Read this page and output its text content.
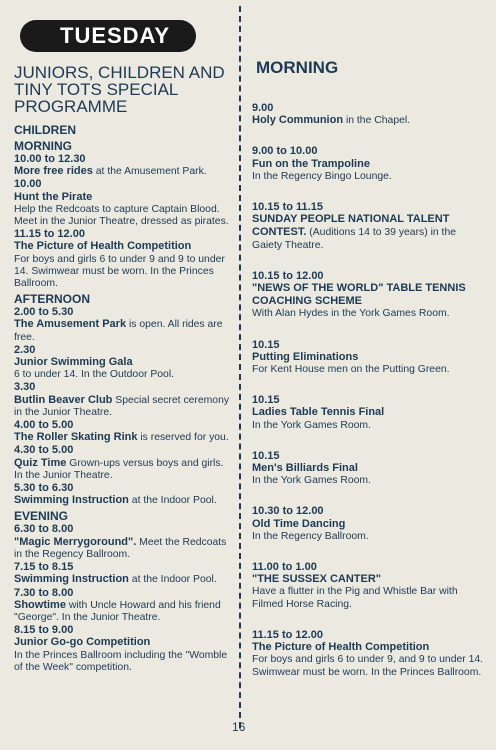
TUESDAY
JUNIORS, CHILDREN AND TINY TOTS SPECIAL PROGRAMME
CHILDREN
MORNING
10.00 to 12.30
More free rides at the Amusement Park.
10.00
Hunt the Pirate
Help the Redcoats to capture Captain Blood. Meet in the Junior Theatre, dressed as pirates.
11.15 to 12.00
The Picture of Health Competition
For boys and girls 6 to under 9 and 9 to under 14. Swimwear must be worn. In the Princes Ballroom.
AFTERNOON
2.00 to 5.30
The Amusement Park is open. All rides are free.
2.30
Junior Swimming Gala
6 to under 14. In the Outdoor Pool.
3.30
Butlin Beaver Club Special secret ceremony in the Junior Theatre.
4.00 to 5.00
The Roller Skating Rink is reserved for you.
4.30 to 5.00
Quiz Time Grown-ups versus boys and girls. In the Junior Theatre.
5.30 to 6.30
Swimming Instruction at the Indoor Pool.
EVENING
6.30 to 8.00
"Magic Merrygoround". Meet the Redcoats in the Regency Ballroom.
7.15 to 8.15
Swimming Instruction at the Indoor Pool.
7.30 to 8.00
Showtime with Uncle Howard and his friend "George". In the Junior Theatre.
8.15 to 9.00
Junior Go-go Competition
In the Princes Ballroom including the "Womble of the Week" competition.
MORNING
9.00
Holy Communion in the Chapel.
9.00 to 10.00
Fun on the Trampoline
In the Regency Bingo Lounge.
10.15 to 11.15
SUNDAY PEOPLE NATIONAL TALENT CONTEST. (Auditions 14 to 39 years) in the Gaiety Theatre.
10.15 to 12.00
"NEWS OF THE WORLD" TABLE TENNIS COACHING SCHEME
With Alan Hydes in the York Games Room.
10.15
Putting Eliminations
For Kent House men on the Putting Green.
10.15
Ladies Table Tennis Final
In the York Games Room.
10.15
Men's Billiards Final
In the York Games Room.
10.30 to 12.00
Old Time Dancing
In the Regency Ballroom.
11.00 to 1.00
"THE SUSSEX CANTER"
Have a flutter in the Pig and Whistle Bar with Filmed Horse Racing.
11.15 to 12.00
The Picture of Health Competition
For boys and girls 6 to under 9, and 9 to under 14. Swimwear must be worn. In the Princes Ballroom.
16
